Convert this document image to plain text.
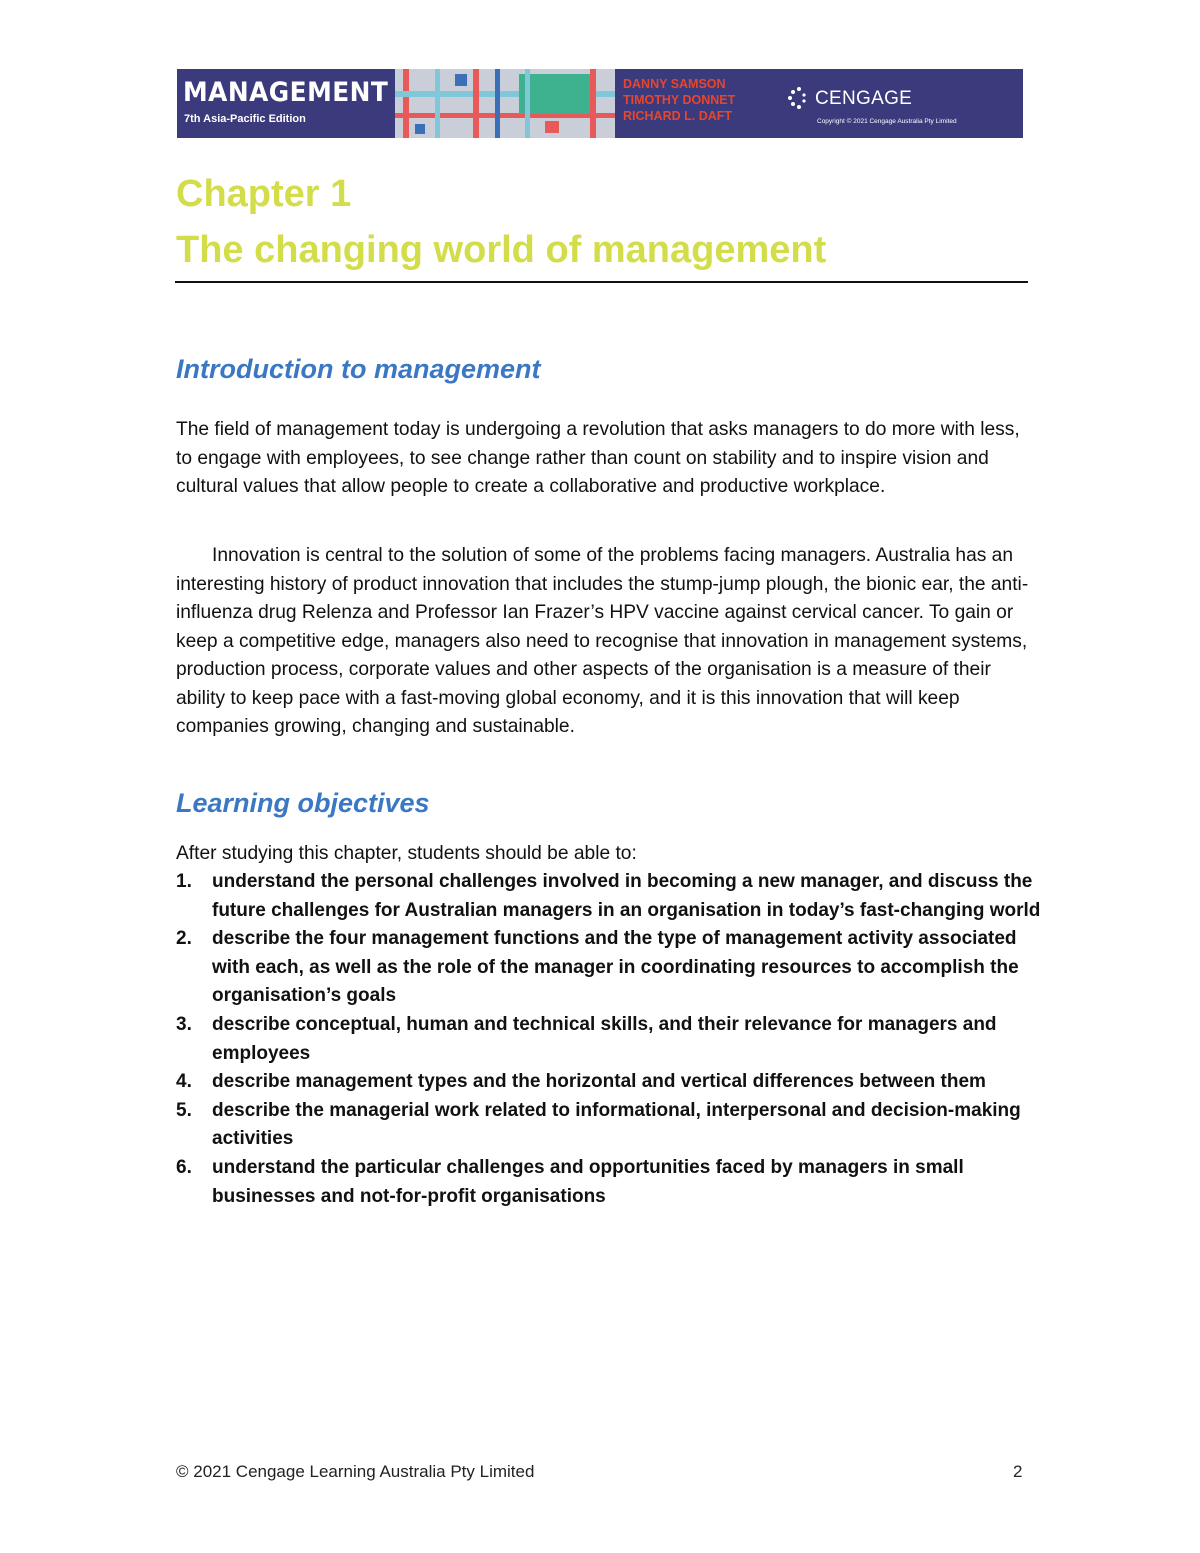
MANAGEMENT
7th Asia-Pacific Edition
DANNY SAMSON
TIMOTHY DONNET
RICHARD L. DAFT
CENGAGE
Copyright © 2021 Cengage Australia Pty Limited
Chapter 1
The changing world of management
Introduction to management

The field of management today is undergoing a revolution that asks managers to do more with less, to engage with employees, to see change rather than count on stability and to inspire vision and cultural values that allow people to create a collaborative and productive workplace.

Innovation is central to the solution of some of the problems facing managers. Australia has an interesting history of product innovation that includes the stump-jump plough, the bionic ear, the anti-influenza drug Relenza and Professor Ian Frazer’s HPV vaccine against cervical cancer. To gain or keep a competitive edge, managers also need to recognise that innovation in management systems, production process, corporate values and other aspects of the organisation is a measure of their ability to keep pace with a fast-moving global economy, and it is this innovation that will keep companies growing, changing and sustainable.

Learning objectives

After studying this chapter, students should be able to:

1. understand the personal challenges involved in becoming a new manager, and discuss the future challenges for Australian managers in an organisation in today’s fast-changing world
2. describe the four management functions and the type of management activity associated with each, as well as the role of the manager in coordinating resources to accomplish the organisation’s goals
3. describe conceptual, human and technical skills, and their relevance for managers and employees
4. describe management types and the horizontal and vertical differences between them
5. describe the managerial work related to informational, interpersonal and decision-making activities
6. understand the particular challenges and opportunities faced by managers in small businesses and not-for-profit organisations
© 2021 Cengage Learning Australia Pty Limited	2
